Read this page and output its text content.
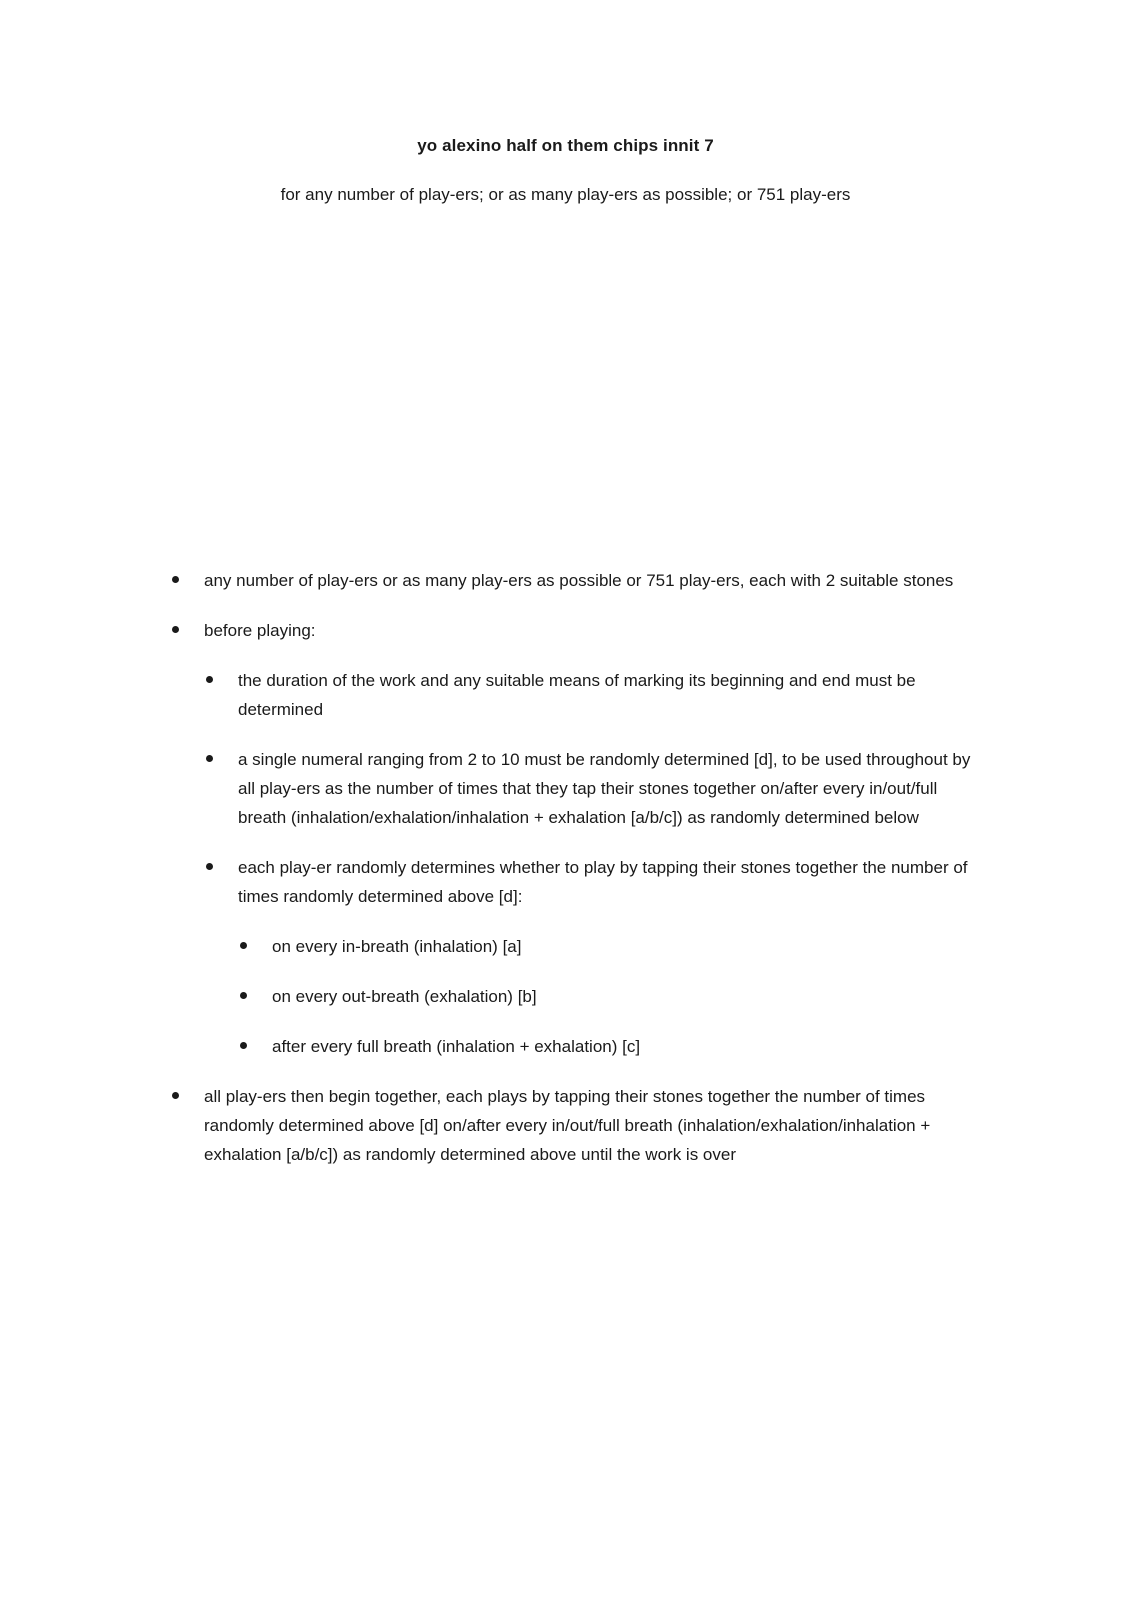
yo alexino half on them chips innit 7
for any number of play-ers; or as many play-ers as possible; or 751 play-ers
any number of play-ers or as many play-ers as possible or 751 play-ers, each with 2 suitable stones
before playing:
the duration of the work and any suitable means of marking its beginning and end must be determined
a single numeral ranging from 2 to 10 must be randomly determined [d], to be used throughout by all play-ers as the number of times that they tap their stones together on/after every in/out/full breath (inhalation/exhalation/inhalation + exhalation [a/b/c]) as randomly determined below
each play-er randomly determines whether to play by tapping their stones together the number of times randomly determined above [d]:
on every in-breath (inhalation) [a]
on every out-breath (exhalation) [b]
after every full breath (inhalation + exhalation) [c]
all play-ers then begin together, each plays by tapping their stones together the number of times randomly determined above [d] on/after every in/out/full breath (inhalation/exhalation/inhalation + exhalation [a/b/c]) as randomly determined above until the work is over
